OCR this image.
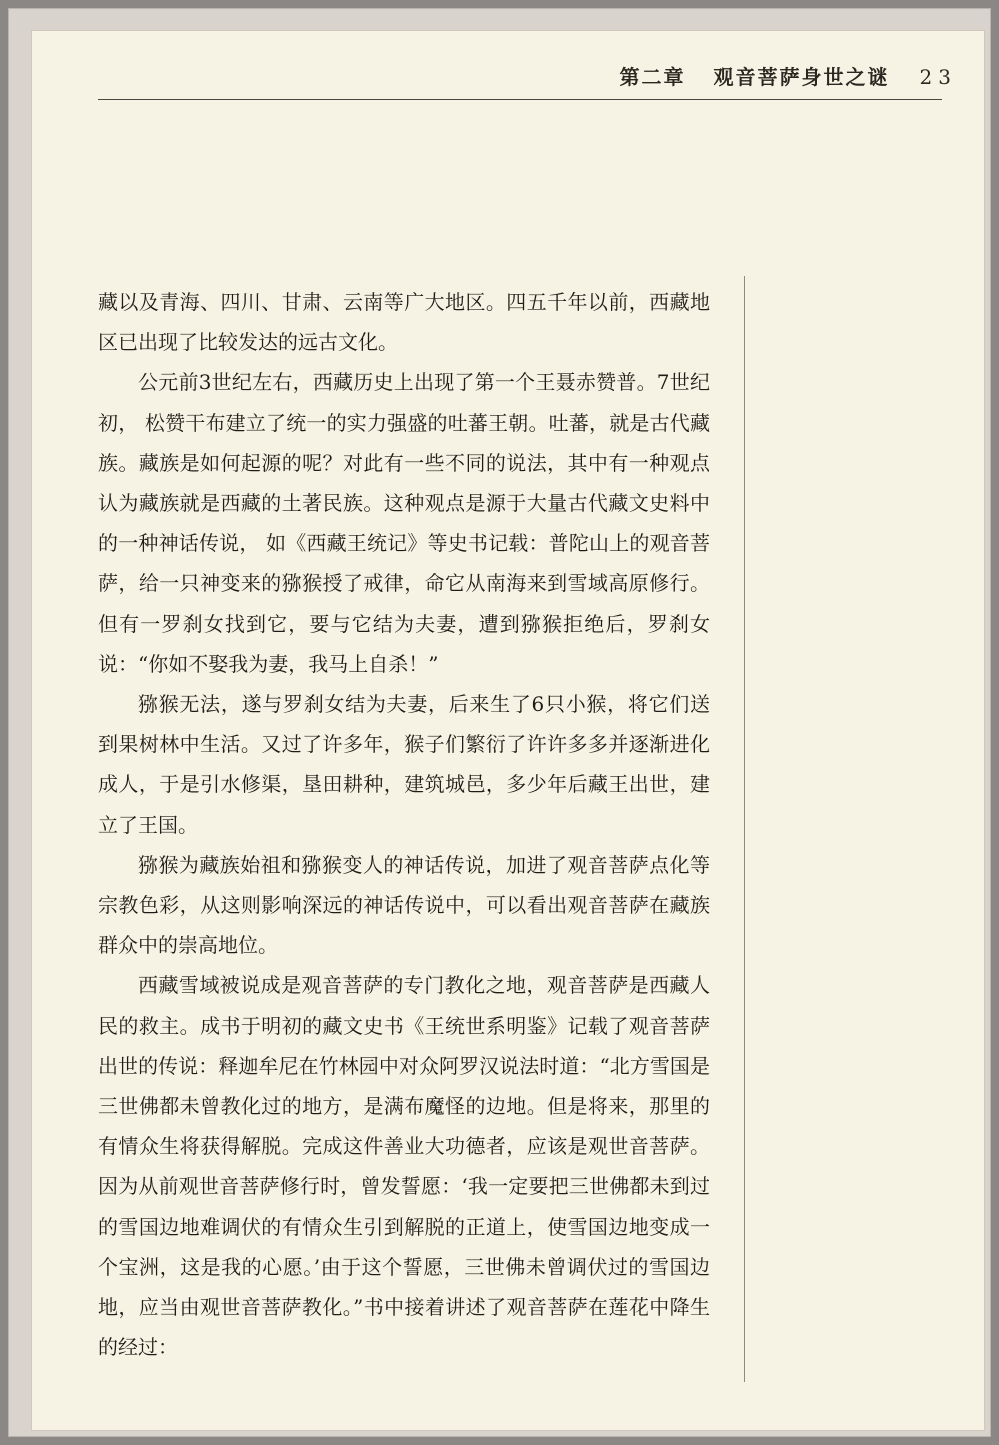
第二章 观音菩萨身世之谜 23

藏以及青海、四川、甘肃、云南等广大地区。四五千年以前，西藏地区已出现了比较发达的远古文化。

公元前3世纪左右，西藏历史上出现了第一个王聂赤赞普。7世纪初， 松赞干布建立了统一的实力强盛的吐蕃王朝。吐蕃，就是古代藏族。藏族是如何起源的呢？对此有一些不同的说法，其中有一种观点认为藏族就是西藏的土著民族。这种观点是源于大量古代藏文史料中的一种神话传说， 如《西藏王统记》等史书记载：普陀山上的观音菩萨，给一只神变来的猕猴授了戒律，命它从南海来到雪域高原修行。但有一罗刹女找到它，要与它结为夫妻，遭到猕猴拒绝后，罗刹女说：“你如不娶我为妻，我马上自杀！”

猕猴无法，遂与罗刹女结为夫妻，后来生了6只小猴，将它们送到果树林中生活。又过了许多年，猴子们繁衍了许许多多并逐渐进化成人，于是引水修渠，垦田耕种，建筑城邑，多少年后藏王出世，建立了王国。

猕猴为藏族始祖和猕猴变人的神话传说，加进了观音菩萨点化等宗教色彩，从这则影响深远的神话传说中，可以看出观音菩萨在藏族群众中的崇高地位。

西藏雪域被说成是观音菩萨的专门教化之地，观音菩萨是西藏人民的救主。成书于明初的藏文史书《王统世系明鉴》记载了观音菩萨出世的传说：释迦牟尼在竹林园中对众阿罗汉说法时道：“北方雪国是三世佛都未曾教化过的地方，是满布魔怪的边地。但是将来，那里的有情众生将获得解脱。完成这件善业大功德者，应该是观世音菩萨。因为从前观世音菩萨修行时，曾发誓愿：‘我一定要把三世佛都未到过的雪国边地难调伏的有情众生引到解脱的正道上，使雪国边地变成一个宝洲，这是我的心愿。’由于这个誓愿，三世佛未曾调伏过的雪国边地，应当由观世音菩萨教化。”书中接着讲述了观音菩萨在莲花中降生的经过：
